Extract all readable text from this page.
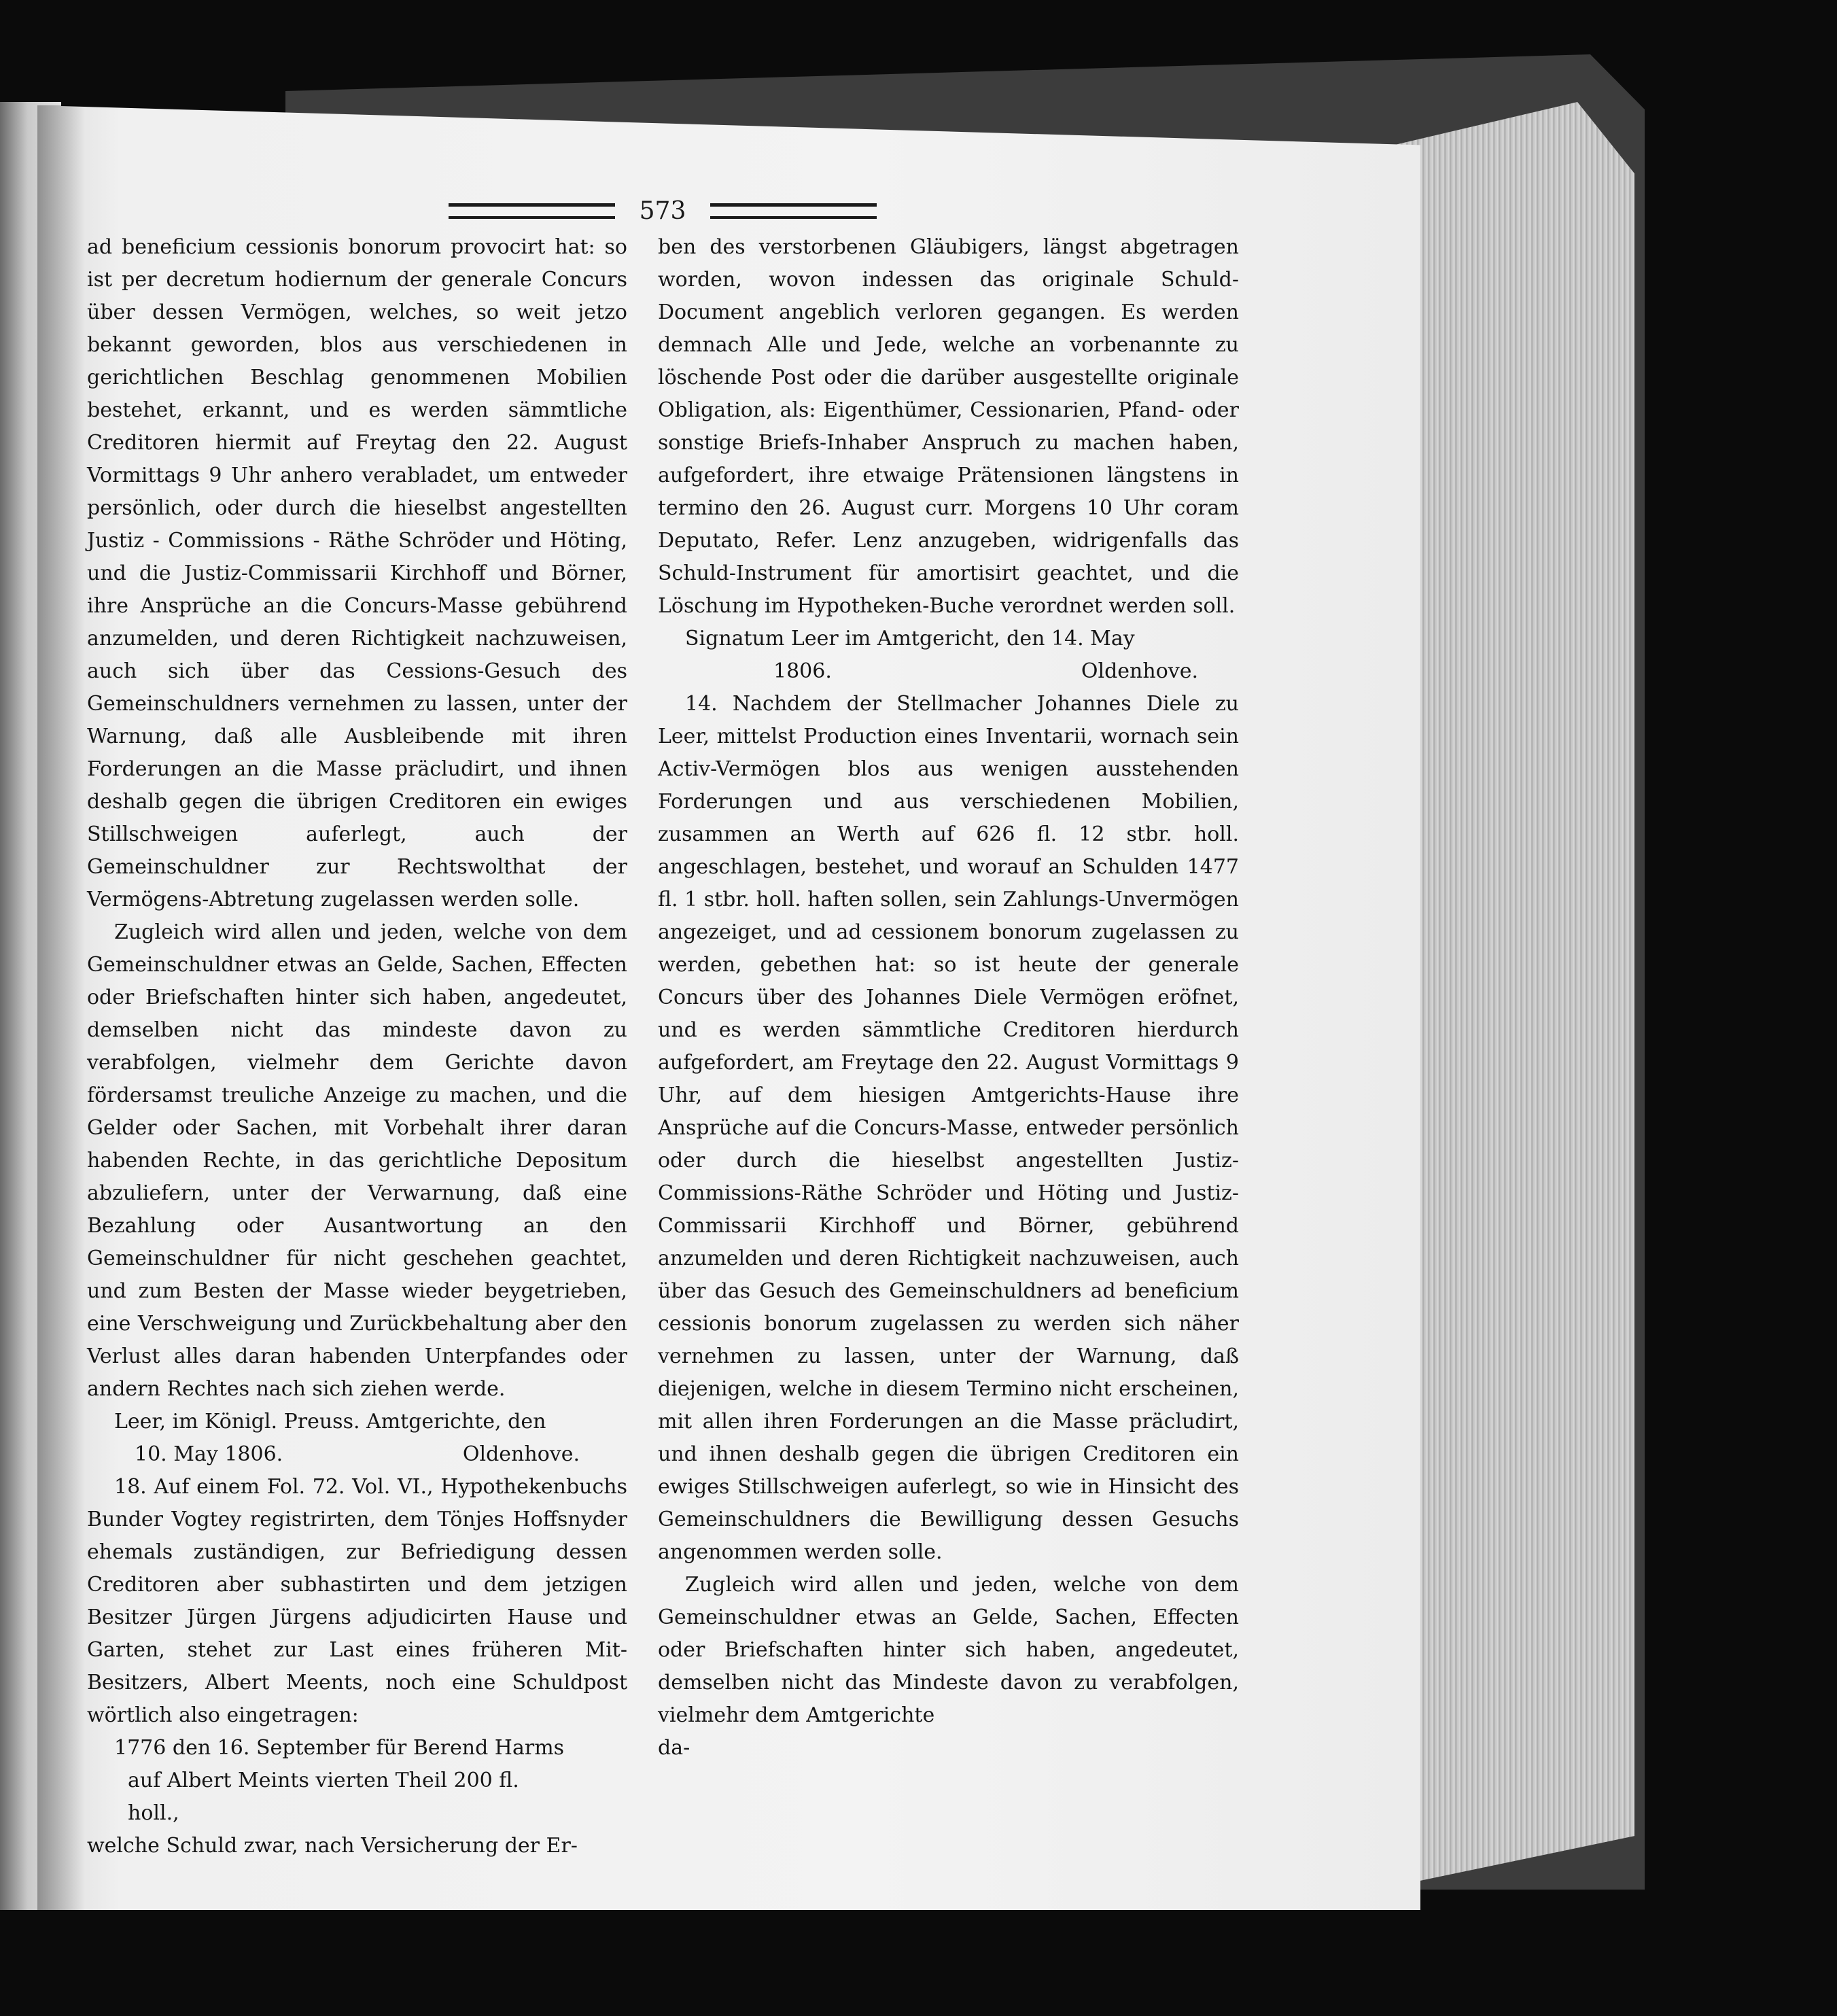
573

ad beneficium cessionis bonorum provocirt hat: so ist per decretum hodiernum der generale Concurs über dessen Vermögen, welches, so weit jetzo bekannt geworden, blos aus verschiedenen in gerichtlichen Beschlag genommenen Mobilien bestehet, erkannt, und es werden sämmtliche Creditoren hiermit auf Freytag den 22. August Vormittags 9 Uhr anhero verabladet, um entweder persönlich, oder durch die hieselbst angestellten Justiz - Commissions - Räthe Schröder und Höting, und die Justiz-Commissarii Kirchhoff und Börner, ihre Ansprüche an die Concurs-Masse gebührend anzumelden, und deren Richtigkeit nachzuweisen, auch sich über das Cessions-Gesuch des Gemeinschuldners vernehmen zu lassen, unter der Warnung, daß alle Ausbleibende mit ihren Forderungen an die Masse präcludirt, und ihnen deshalb gegen die übrigen Creditoren ein ewiges Stillschweigen auferlegt, auch der Gemeinschuldner zur Rechtswolthat der Vermögens-Abtretung zugelassen werden solle.

Zugleich wird allen und jeden, welche von dem Gemeinschuldner etwas an Gelde, Sachen, Effecten oder Briefschaften hinter sich haben, angedeutet, demselben nicht das mindeste davon zu verabfolgen, vielmehr dem Gerichte davon fördersamst treuliche Anzeige zu machen, und die Gelder oder Sachen, mit Vorbehalt ihrer daran habenden Rechte, in das gerichtliche Depositum abzuliefern, unter der Verwarnung, daß eine Bezahlung oder Ausantwortung an den Gemeinschuldner für nicht geschehen geachtet, und zum Besten der Masse wieder beygetrieben, eine Verschweigung und Zurückbehaltung aber den Verlust alles daran habenden Unterpfandes oder andern Rechtes nach sich ziehen werde.

Leer, im Königl. Preuss. Amtgerichte, den

10. May 1806.	Oldenhove.

18. Auf einem Fol. 72. Vol. VI., Hypothekenbuchs Bunder Vogtey registrirten, dem Tönjes Hoffsnyder ehemals zuständigen, zur Befriedigung dessen Creditoren aber subhastirten und dem jetzigen Besitzer Jürgen Jürgens adjudicirten Hause und Garten, stehet zur Last eines früheren Mit-Besitzers, Albert Meents, noch eine Schuldpost wörtlich also eingetragen:

1776 den 16. September für Berend Harms

auf Albert Meints vierten Theil 200 fl.

holl.,

welche Schuld zwar, nach Versicherung der Er-

ben des verstorbenen Gläubigers, längst abgetragen worden, wovon indessen das originale Schuld-Document angeblich verloren gegangen. Es werden demnach Alle und Jede, welche an vorbenannte zu löschende Post oder die darüber ausgestellte originale Obligation, als: Eigenthümer, Cessionarien, Pfand- oder sonstige Briefs-Inhaber Anspruch zu machen haben, aufgefordert, ihre etwaige Prätensionen längstens in termino den 26. August curr. Morgens 10 Uhr coram Deputato, Refer. Lenz anzugeben, widrigenfalls das Schuld-Instrument für amortisirt geachtet, und die Löschung im Hypotheken-Buche verordnet werden soll.

Signatum Leer im Amtgericht, den 14. May

1806.	Oldenhove.

14. Nachdem der Stellmacher Johannes Diele zu Leer, mittelst Production eines Inventarii, wornach sein Activ-Vermögen blos aus wenigen ausstehenden Forderungen und aus verschiedenen Mobilien, zusammen an Werth auf 626 fl. 12 stbr. holl. angeschlagen, bestehet, und worauf an Schulden 1477 fl. 1 stbr. holl. haften sollen, sein Zahlungs-Unvermögen angezeiget, und ad cessionem bonorum zugelassen zu werden, gebethen hat: so ist heute der generale Concurs über des Johannes Diele Vermögen eröfnet, und es werden sämmtliche Creditoren hierdurch aufgefordert, am Freytage den 22. August Vormittags 9 Uhr, auf dem hiesigen Amtgerichts-Hause ihre Ansprüche auf die Concurs-Masse, entweder persönlich oder durch die hieselbst angestellten Justiz-Commissions-Räthe Schröder und Höting und Justiz-Commissarii Kirchhoff und Börner, gebührend anzumelden und deren Richtigkeit nachzuweisen, auch über das Gesuch des Gemeinschuldners ad beneficium cessionis bonorum zugelassen zu werden sich näher vernehmen zu lassen, unter der Warnung, daß diejenigen, welche in diesem Termino nicht erscheinen, mit allen ihren Forderungen an die Masse präcludirt, und ihnen deshalb gegen die übrigen Creditoren ein ewiges Stillschweigen auferlegt, so wie in Hinsicht des Gemeinschuldners die Bewilligung dessen Gesuchs angenommen werden solle.

Zugleich wird allen und jeden, welche von dem Gemeinschuldner etwas an Gelde, Sachen, Effecten oder Briefschaften hinter sich haben, angedeutet, demselben nicht das Mindeste davon zu verabfolgen, vielmehr dem Amtgerichte

da-
